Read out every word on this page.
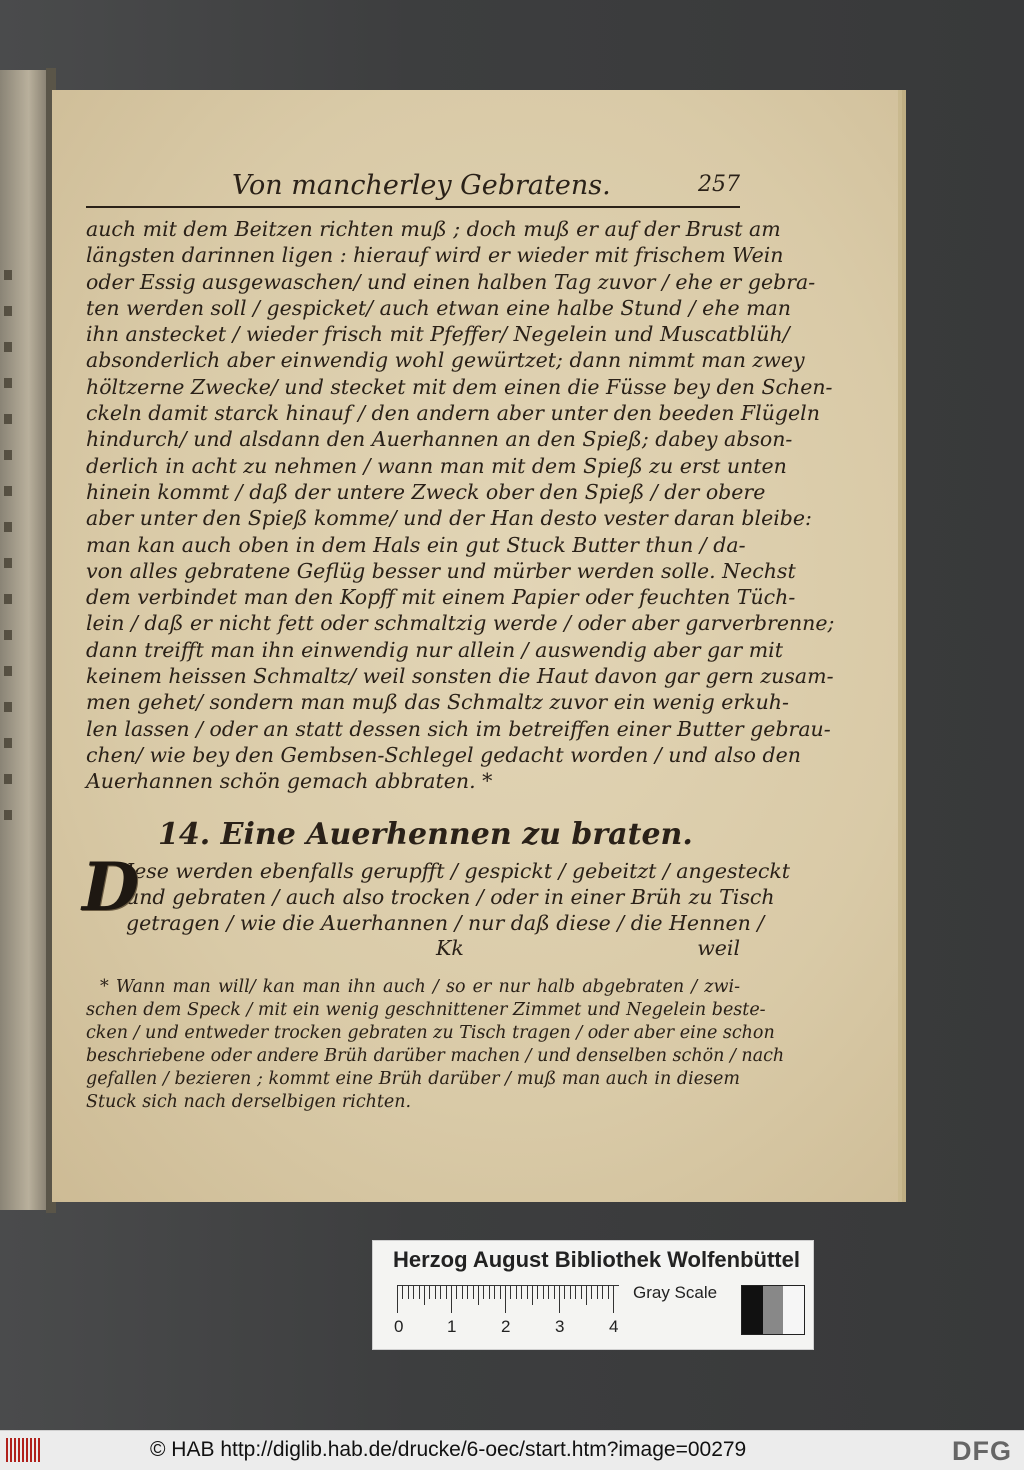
Von mancherley Gebratens.	257
auch mit dem Beitzen richten muß ; doch muß er auf der Brust am
längsten darinnen ligen : hierauf wird er wieder mit frischem Wein
oder Essig ausgewaschen/ und einen halben Tag zuvor / ehe er gebra-
ten werden soll / gespicket/ auch etwan eine halbe Stund / ehe man
ihn anstecket / wieder frisch mit Pfeffer/ Negelein und Muscatblüh/
absonderlich aber einwendig wohl gewürtzet; dann nimmt man zwey
höltzerne Zwecke/ und stecket mit dem einen die Füsse bey den Schen-
ckeln damit starck hinauf / den andern aber unter den beeden Flügeln
hindurch/ und alsdann den Auerhannen an den Spieß; dabey abson-
derlich in acht zu nehmen / wann man mit dem Spieß zu erst unten
hinein kommt / daß der untere Zweck ober den Spieß / der obere
aber unter den Spieß komme/ und der Han desto vester daran bleibe:
man kan auch oben in dem Hals ein gut Stuck Butter thun / da-
von alles gebratene Geflüg besser und mürber werden solle. Nechst
dem verbindet man den Kopff mit einem Papier oder feuchten Tüch-
lein / daß er nicht fett oder schmaltzig werde / oder aber garverbrenne;
dann treifft man ihn einwendig nur allein / auswendig aber gar mit
keinem heissen Schmaltz/ weil sonsten die Haut davon gar gern zusam-
men gehet/ sondern man muß das Schmaltz zuvor ein wenig erkuh-
len lassen / oder an statt dessen sich im betreiffen einer Butter gebrau-
chen/ wie bey den Gembsen-Schlegel gedacht worden / und also den
Auerhannen schön gemach abbraten. *
14. Eine Auerhennen zu braten.
D
Iese werden ebenfalls gerupfft / gespickt / gebeitzt / angesteckt
und gebraten / auch also trocken / oder in einer Brüh zu Tisch
getragen / wie die Auerhannen / nur daß diese / die Hennen /
Kk	weil
* Wann man will/ kan man ihn auch / so er nur halb abgebraten / zwi-
schen dem Speck / mit ein wenig geschnittener Zimmet und Negelein beste-
cken / und entweder trocken gebraten zu Tisch tragen / oder aber eine schon
beschriebene oder andere Brüh darüber machen / und denselben schön / nach
gefallen / bezieren ; kommt eine Brüh darüber / muß man auch in diesem
Stuck sich nach derselbigen richten.
Herzog August Bibliothek Wolfenbüttel
0	1	2	3	4
Gray Scale
© HAB http://diglib.hab.de/drucke/6-oec/start.htm?image=00279	DFG
